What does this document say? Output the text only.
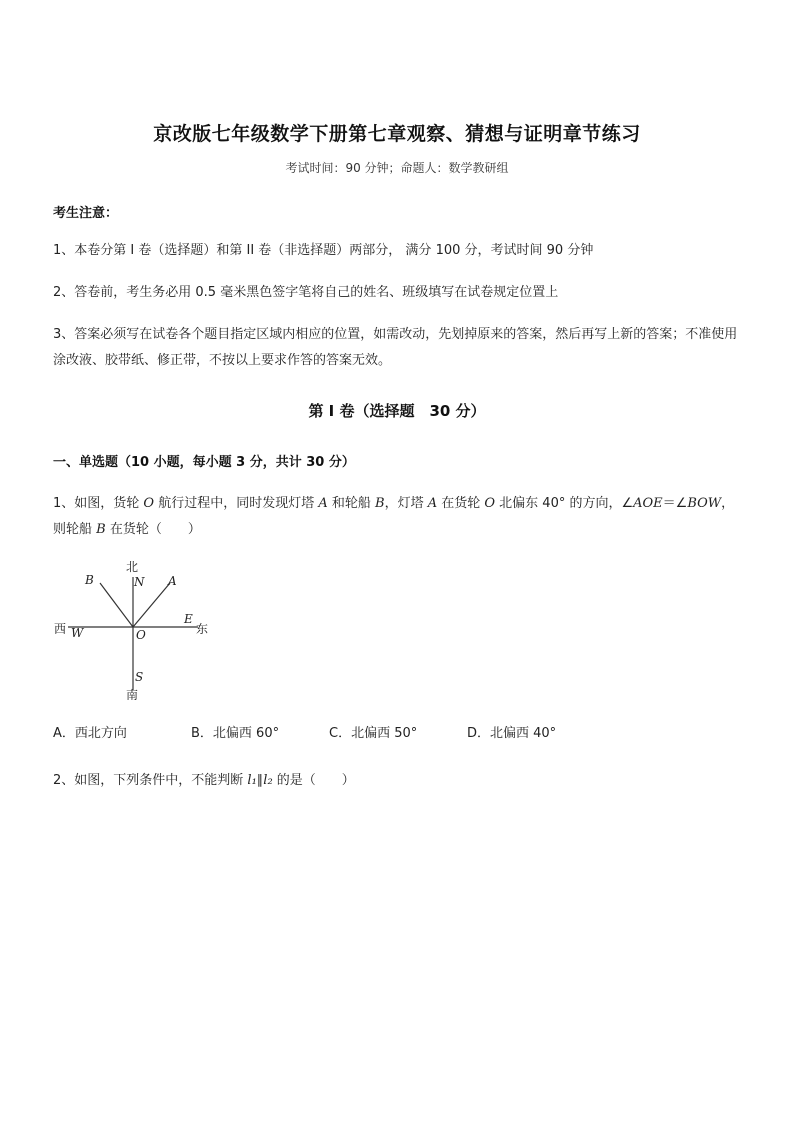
京改版七年级数学下册第七章观察、猜想与证明章节练习
考试时间：90 分钟；命题人：数学教研组
考生注意：
1、本卷分第 I 卷（选择题）和第 II 卷（非选择题）两部分， 满分 100 分，考试时间 90 分钟
2、答卷前，考生务必用 0.5 毫米黑色签字笔将自己的姓名、班级填写在试卷规定位置上
3、答案必须写在试卷各个题目指定区域内相应的位置，如需改动，先划掉原来的答案，然后再写上新的答案；不准使用涂改液、胶带纸、修正带，不按以上要求作答的答案无效。
第 I 卷（选择题　30 分）
一、单选题（10 小题，每小题 3 分，共计 30 分）
1、如图，货轮 O 航行过程中，同时发现灯塔 A 和轮船 B，灯塔 A 在货轮 O 北偏东 40° 的方向，∠AOE＝∠BOW，则轮船 B 在货轮（　　）
北
N
B	A
西 W	O
E
东
S
南
A．西北方向	B．北偏西 60°	C．北偏西 50°	D．北偏西 40°
2、如图，下列条件中，不能判断 l₁∥l₂ 的是（　　）
